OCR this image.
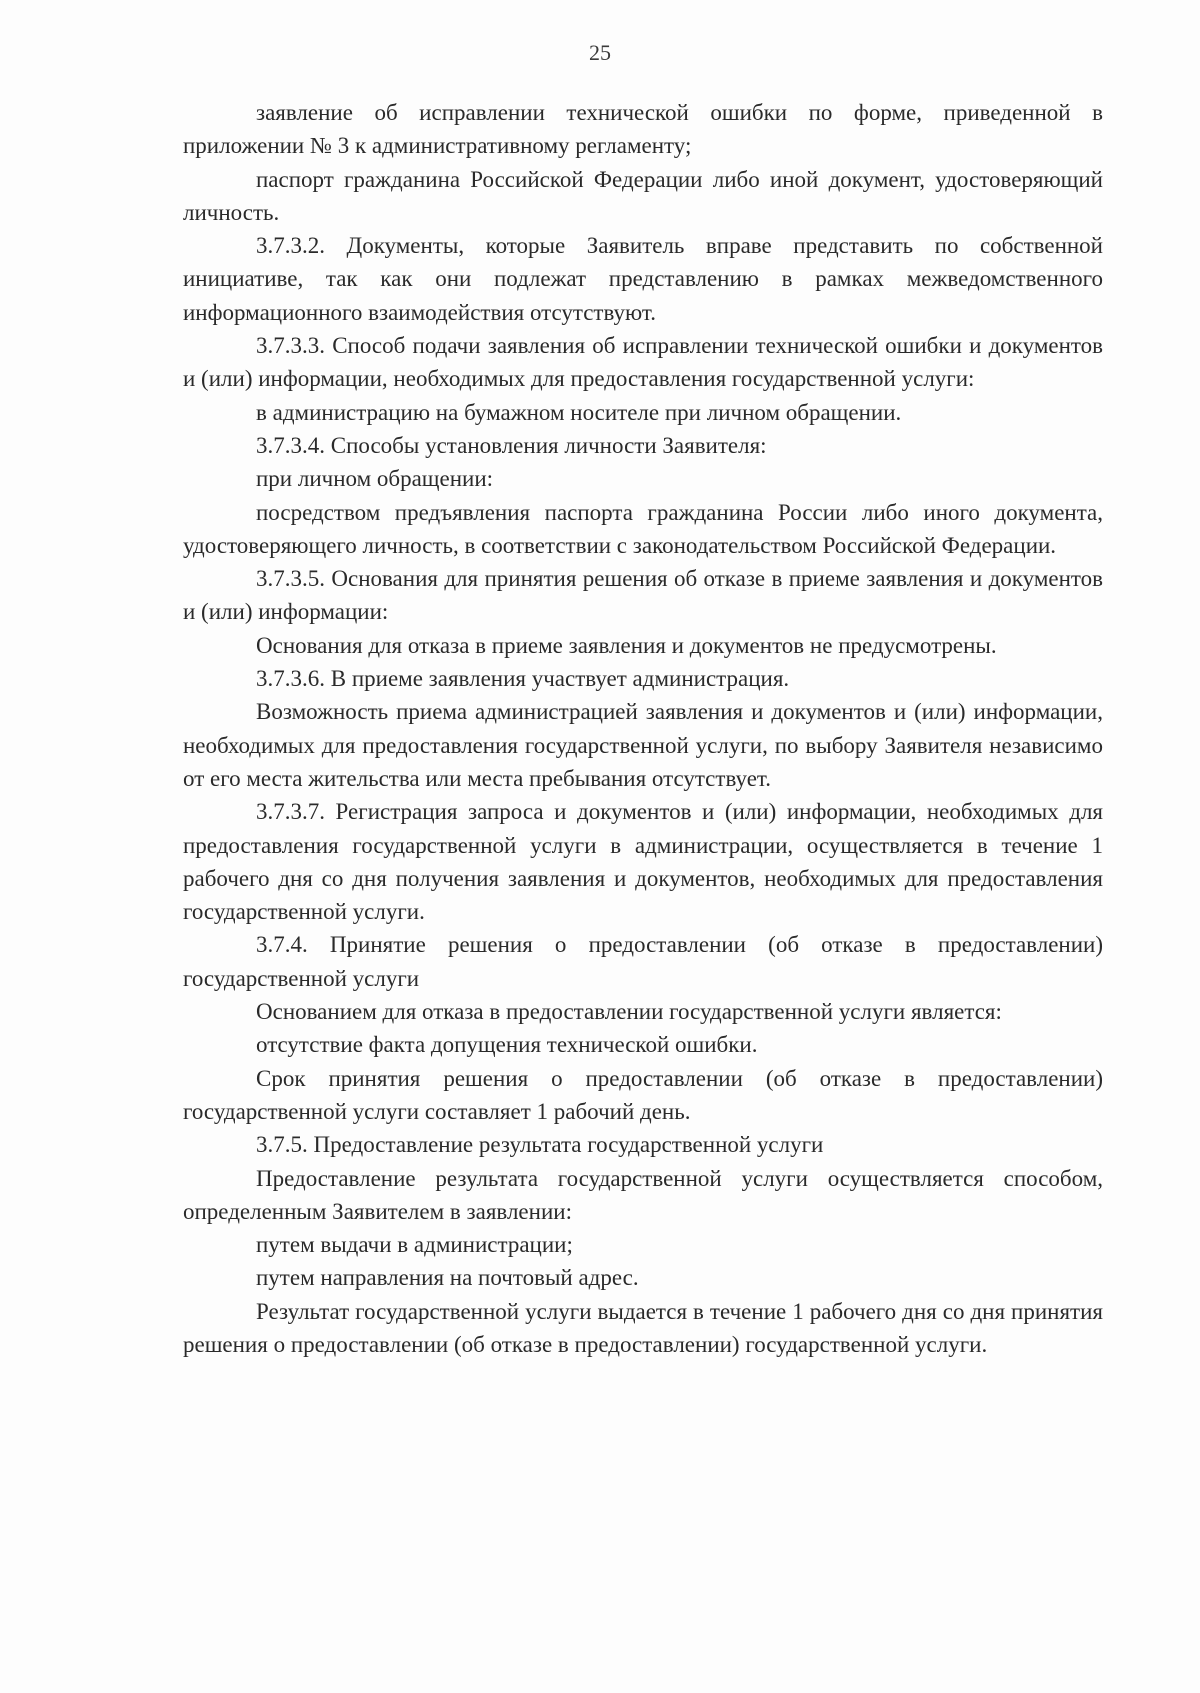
25

заявление об исправлении технической ошибки по форме, приведенной в приложении № 3 к административному регламенту;

паспорт гражданина Российской Федерации либо иной документ, удостоверяющий личность.

3.7.3.2. Документы, которые Заявитель вправе представить по собственной инициативе, так как они подлежат представлению в рамках межведомственного информационного взаимодействия отсутствуют.

3.7.3.3. Способ подачи заявления об исправлении технической ошибки и документов и (или) информации, необходимых для предоставления государственной услуги:

в администрацию на бумажном носителе при личном обращении.

3.7.3.4. Способы установления личности Заявителя:

при личном обращении:

посредством предъявления паспорта гражданина России либо иного документа, удостоверяющего личность, в соответствии с законодательством Российской Федерации.

3.7.3.5. Основания для принятия решения об отказе в приеме заявления и документов и (или) информации:

Основания для отказа в приеме заявления и документов не предусмотрены.

3.7.3.6. В приеме заявления участвует администрация.

Возможность приема администрацией заявления и документов и (или) информации, необходимых для предоставления государственной услуги, по выбору Заявителя независимо от его места жительства или места пребывания отсутствует.

3.7.3.7. Регистрация запроса и документов и (или) информации, необходимых для предоставления государственной услуги в администрации, осуществляется в течение 1 рабочего дня со дня получения заявления и документов, необходимых для предоставления государственной услуги.

3.7.4. Принятие решения о предоставлении (об отказе в предоставлении) государственной услуги

Основанием для отказа в предоставлении государственной услуги является:

отсутствие факта допущения технической ошибки.

Срок принятия решения о предоставлении (об отказе в предоставлении) государственной услуги составляет 1 рабочий день.

3.7.5. Предоставление результата государственной услуги

Предоставление результата государственной услуги осуществляется способом, определенным Заявителем в заявлении:

путем выдачи в администрации;

путем направления на почтовый адрес.

Результат государственной услуги выдается в течение 1 рабочего дня со дня принятия решения о предоставлении (об отказе в предоставлении) государственной услуги.
